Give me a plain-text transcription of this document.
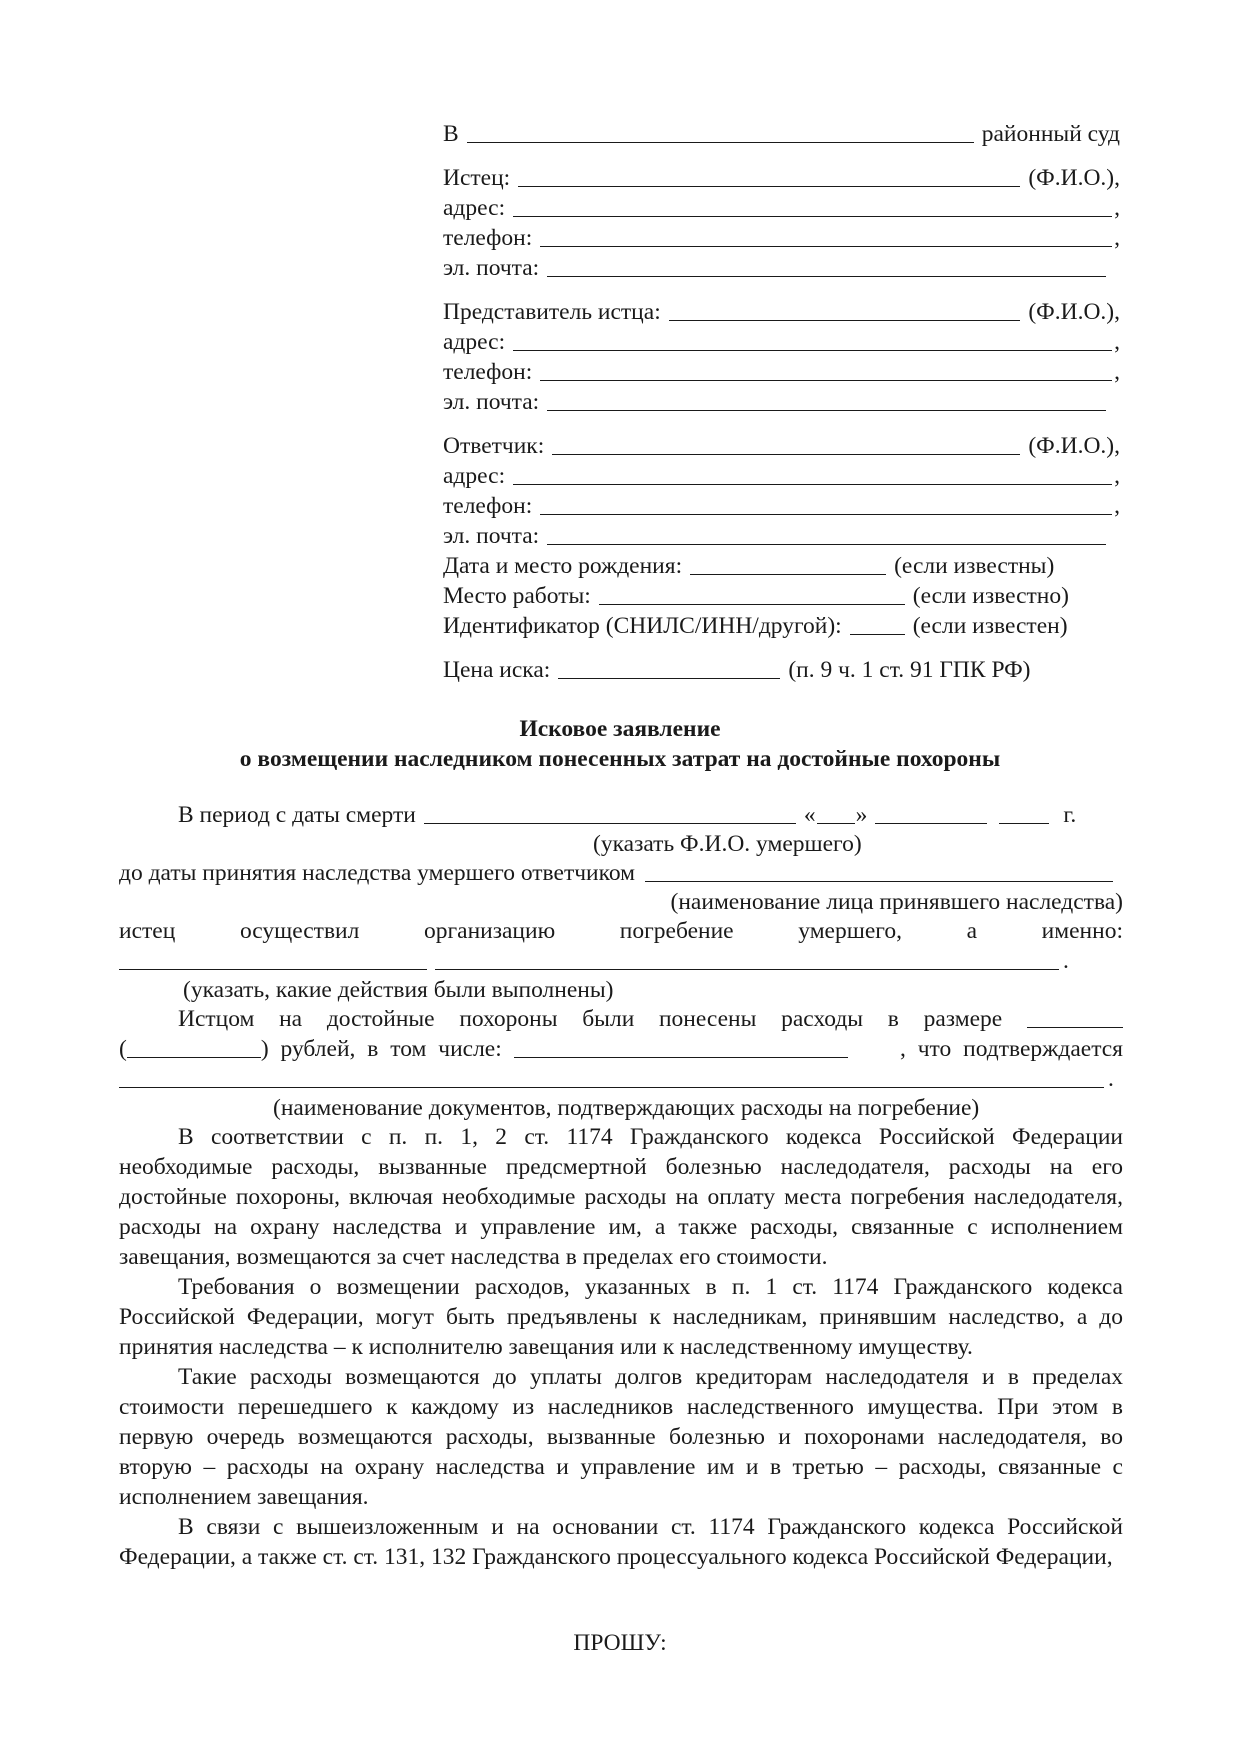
В	районный суд
Истец:	(Ф.И.О.),
адрес:	,
телефон:	,
эл. почта:
Представитель истца:	(Ф.И.О.),
адрес:	,
телефон:	,
эл. почта:
Ответчик:	(Ф.И.О.),
адрес:	,
телефон:	,
эл. почта:
Дата и место рождения:	(если известны)
Место работы:	(если известно)
Идентификатор (СНИЛС/ИНН/другой):	(если известен)
Цена иска:	(п. 9 ч. 1 ст. 91 ГПК РФ)
Исковое заявление
о возмещении наследником понесенных затрат на достойные похороны
В период с даты смерти	« »	г.
(указать Ф.И.О. умершего)
до даты принятия наследства умершего ответчиком
(наименование лица принявшего наследства)
истец	осуществил	организацию	погребение	умершего,	а	именно:
.
(указать, какие действия были выполнены)
Истцом на достойные похороны были понесены расходы в размере
(	) рублей, в том числе:	, что подтверждается
.
(наименование документов, подтверждающих расходы на погребение)

В соответствии с п. п. 1, 2 ст. 1174 Гражданского кодекса Российской Федерации необходимые расходы, вызванные предсмертной болезнью наследодателя, расходы на его достойные похороны, включая необходимые расходы на оплату места погребения наследодателя, расходы на охрану наследства и управление им, а также расходы, связанные с исполнением завещания, возмещаются за счет наследства в пределах его стоимости.

Требования о возмещении расходов, указанных в п. 1 ст. 1174 Гражданского кодекса Российской Федерации, могут быть предъявлены к наследникам, принявшим наследство, а до принятия наследства – к исполнителю завещания или к наследственному имуществу.

Такие расходы возмещаются до уплаты долгов кредиторам наследодателя и в пределах стоимости перешедшего к каждому из наследников наследственного имущества. При этом в первую очередь возмещаются расходы, вызванные болезнью и похоронами наследодателя, во вторую – расходы на охрану наследства и управление им и в третью – расходы, связанные с исполнением завещания.

В связи с вышеизложенным и на основании ст. 1174 Гражданского кодекса Российской Федерации, а также ст. ст. 131, 132 Гражданского процессуального кодекса Российской Федерации,

ПРОШУ:
